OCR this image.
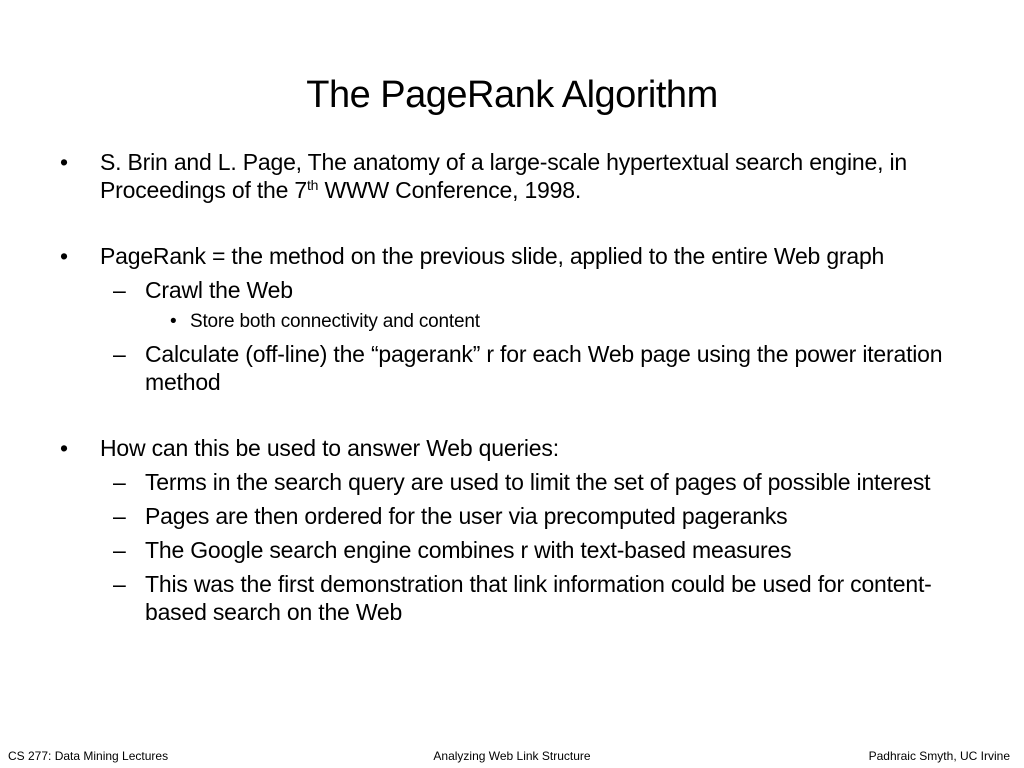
The PageRank Algorithm
• S. Brin and L. Page, The anatomy of a large-scale hypertextual search engine, in Proceedings of the 7th WWW Conference, 1998.
• PageRank = the method on the previous slide, applied to the entire Web graph
– Crawl the Web
• Store both connectivity and content
– Calculate (off-line) the “pagerank” r for each Web page using the power iteration method
• How can this be used to answer Web queries:
– Terms in the search query are used to limit the set of pages of possible interest
– Pages are then ordered for the user via precomputed pageranks
– The Google search engine combines r with text-based measures
– This was the first demonstration that link information could be used for content-based search on the Web
CS 277: Data Mining Lectures	Analyzing Web Link Structure	Padhraic Smyth, UC Irvine
